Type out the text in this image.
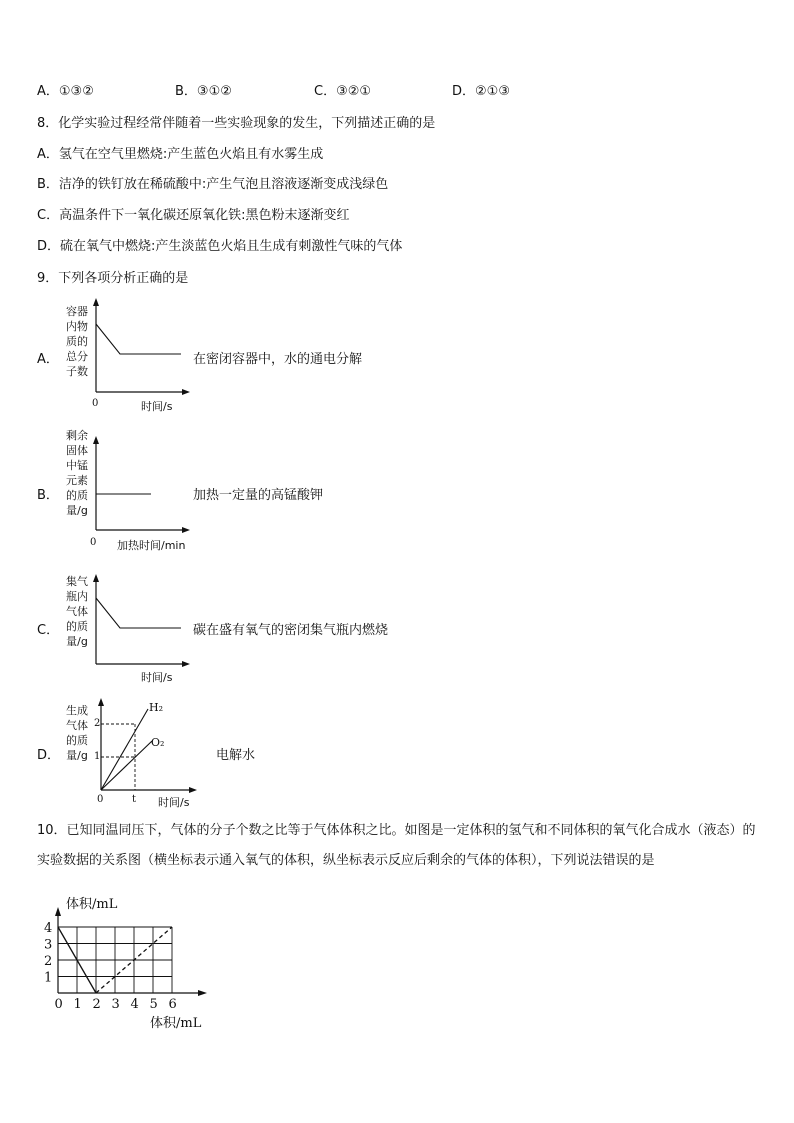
A．①③②	B．③①②	C．③②①	D．②①③
8．化学实验过程经常伴随着一些实验现象的发生，下列描述正确的是
A．氢气在空气里燃烧:产生蓝色火焰且有水雾生成
B．洁净的铁钉放在稀硫酸中:产生气泡且溶液逐渐变成浅绿色
C．高温条件下一氧化碳还原氧化铁:黑色粉末逐渐变红
D．硫在氧气中燃烧:产生淡蓝色火焰且生成有刺激性气味的气体
9．下列各项分析正确的是
A．
容器
内物
质的
总分
子数
0	时间/s
在密闭容器中，水的通电分解
B．
剩余
固体
中锰
元素
的质
量/g
0 加热时间/min
加热一定量的高锰酸钾
C．
集气
瓶内
气体
的质
量/g
时间/s
碳在盛有氧气的密闭集气瓶内燃烧
D．
生成
气体
的质
量/g
2
1
0	t 时间/s
H₂
O₂
电解水
10．已知同温同压下，气体的分子个数之比等于气体体积之比。如图是一定体积的氢气和不同体积的氧气化合成水（液态）的实验数据的关系图（横坐标表示通入氧气的体积，纵坐标表示反应后剩余的气体的体积），下列说法错误的是
体积/mL
体积/mL
0 1 2 3 4 5 6
1
2
3
4
